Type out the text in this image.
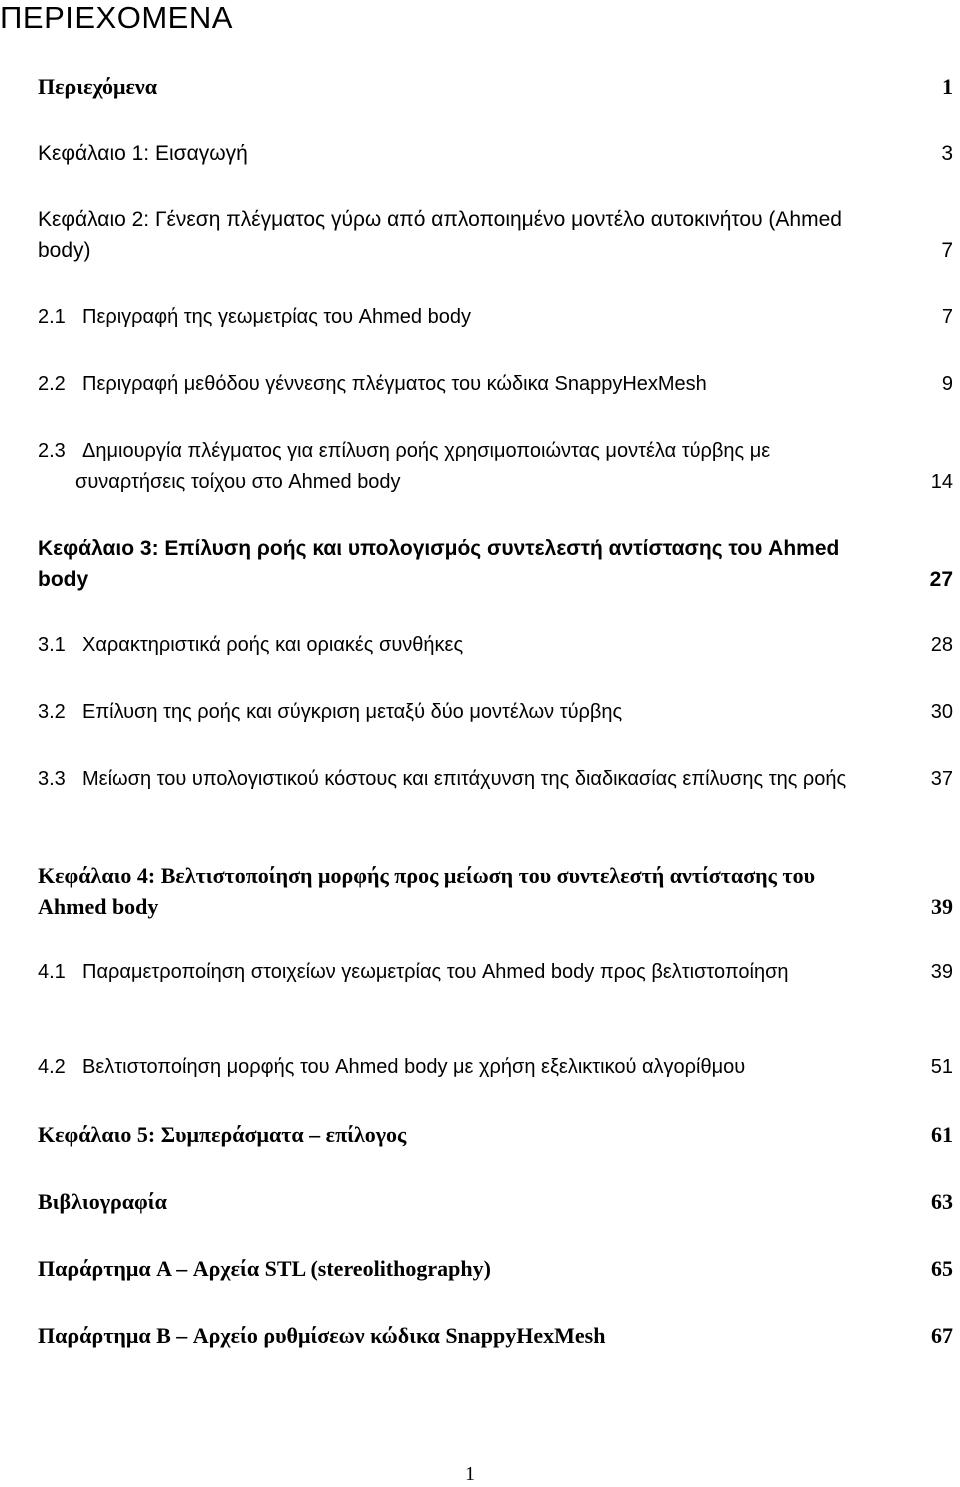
ΠΕΡΙΕΧΟΜΕΝΑ
Περιεχόμενα	1
Κεφάλαιο 1: Εισαγωγή	3
Κεφάλαιο 2: Γένεση πλέγματος γύρω από απλοποιημένο μοντέλο αυτοκινήτου (Ahmed body)	7
2.1 Περιγραφή της γεωμετρίας του Ahmed body	7
2.2 Περιγραφή μεθόδου γέννεσης πλέγματος του κώδικα SnappyHexMesh	9
2.3 Δημιουργία πλέγματος για επίλυση ροής χρησιμοποιώντας μοντέλα τύρβης με συναρτήσεις τοίχου στο Ahmed body	14
Κεφάλαιο 3: Επίλυση ροής και υπολογισμός συντελεστή αντίστασης του Ahmed body	27
3.1 Χαρακτηριστικά ροής και οριακές συνθήκες	28
3.2 Επίλυση της ροής και σύγκριση μεταξύ δύο μοντέλων τύρβης	30
3.3 Μείωση του υπολογιστικού κόστους και επιτάχυνση της διαδικασίας επίλυσης της ροής	37
Κεφάλαιο 4: Βελτιστοποίηση μορφής προς μείωση του συντελεστή αντίστασης του Ahmed body	39
4.1 Παραμετροποίηση στοιχείων γεωμετρίας του Ahmed body προς βελτιστοποίηση	39
4.2 Βελτιστοποίηση μορφής του Ahmed body με χρήση εξελικτικού αλγορίθμου	51
Κεφάλαιο 5: Συμπεράσματα – επίλογος	61
Βιβλιογραφία	63
Παράρτημα A – Αρχεία STL (stereolithography)	65
Παράρτημα B – Αρχείο ρυθμίσεων κώδικα SnappyHexMesh	67
1
